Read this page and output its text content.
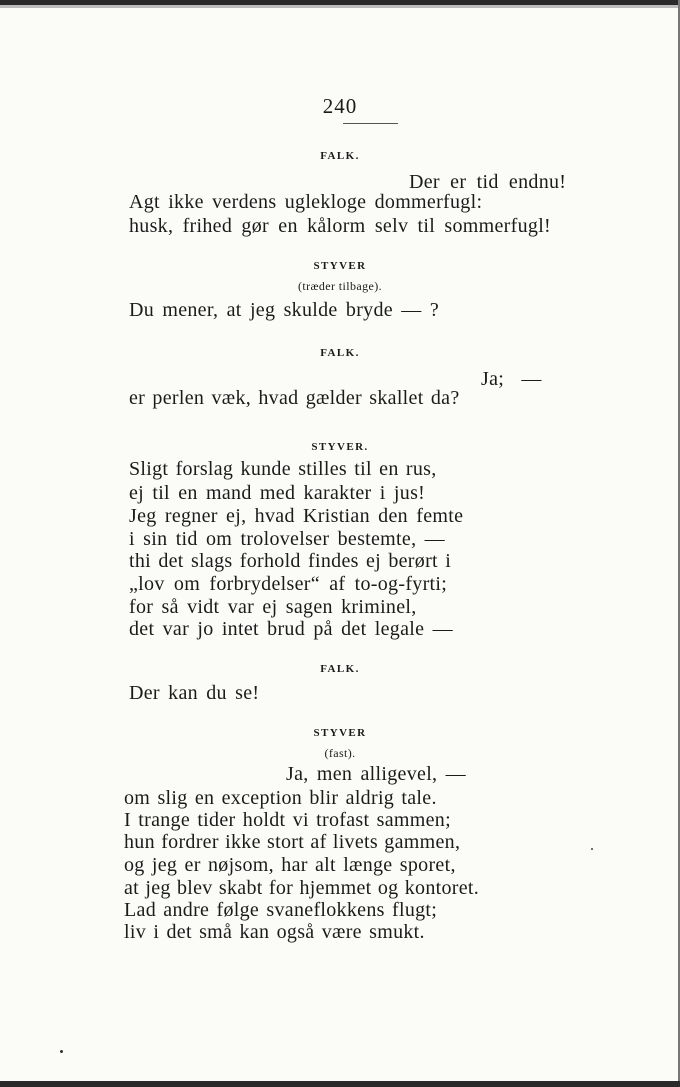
240
FALK.
Der er tid endnu!
Agt ikke verdens uglekloge dommerfugl:
husk, frihed gør en kålorm selv til sommerfugl!
STYVER
(træder tilbage).
Du mener, at jeg skulde bryde — ?
FALK.
Ja; —
er perlen væk, hvad gælder skallet da?
STYVER.
Sligt forslag kunde stilles til en rus,
ej til en mand med karakter i jus!
Jeg regner ej, hvad Kristian den femte
i sin tid om trolovelser bestemte, —
thi det slags forhold findes ej berørt i
„lov om forbrydelser“ af to-og-fyrti;
for så vidt var ej sagen kriminel,
det var jo intet brud på det legale —
FALK.
Der kan du se!
STYVER
(fast).
Ja, men alligevel, —
om slig en exception blir aldrig tale.
I trange tider holdt vi trofast sammen;
hun fordrer ikke stort af livets gammen,
og jeg er nøjsom, har alt længe sporet,
at jeg blev skabt for hjemmet og kontoret.
Lad andre følge svaneflokkens flugt;
liv i det små kan også være smukt.
